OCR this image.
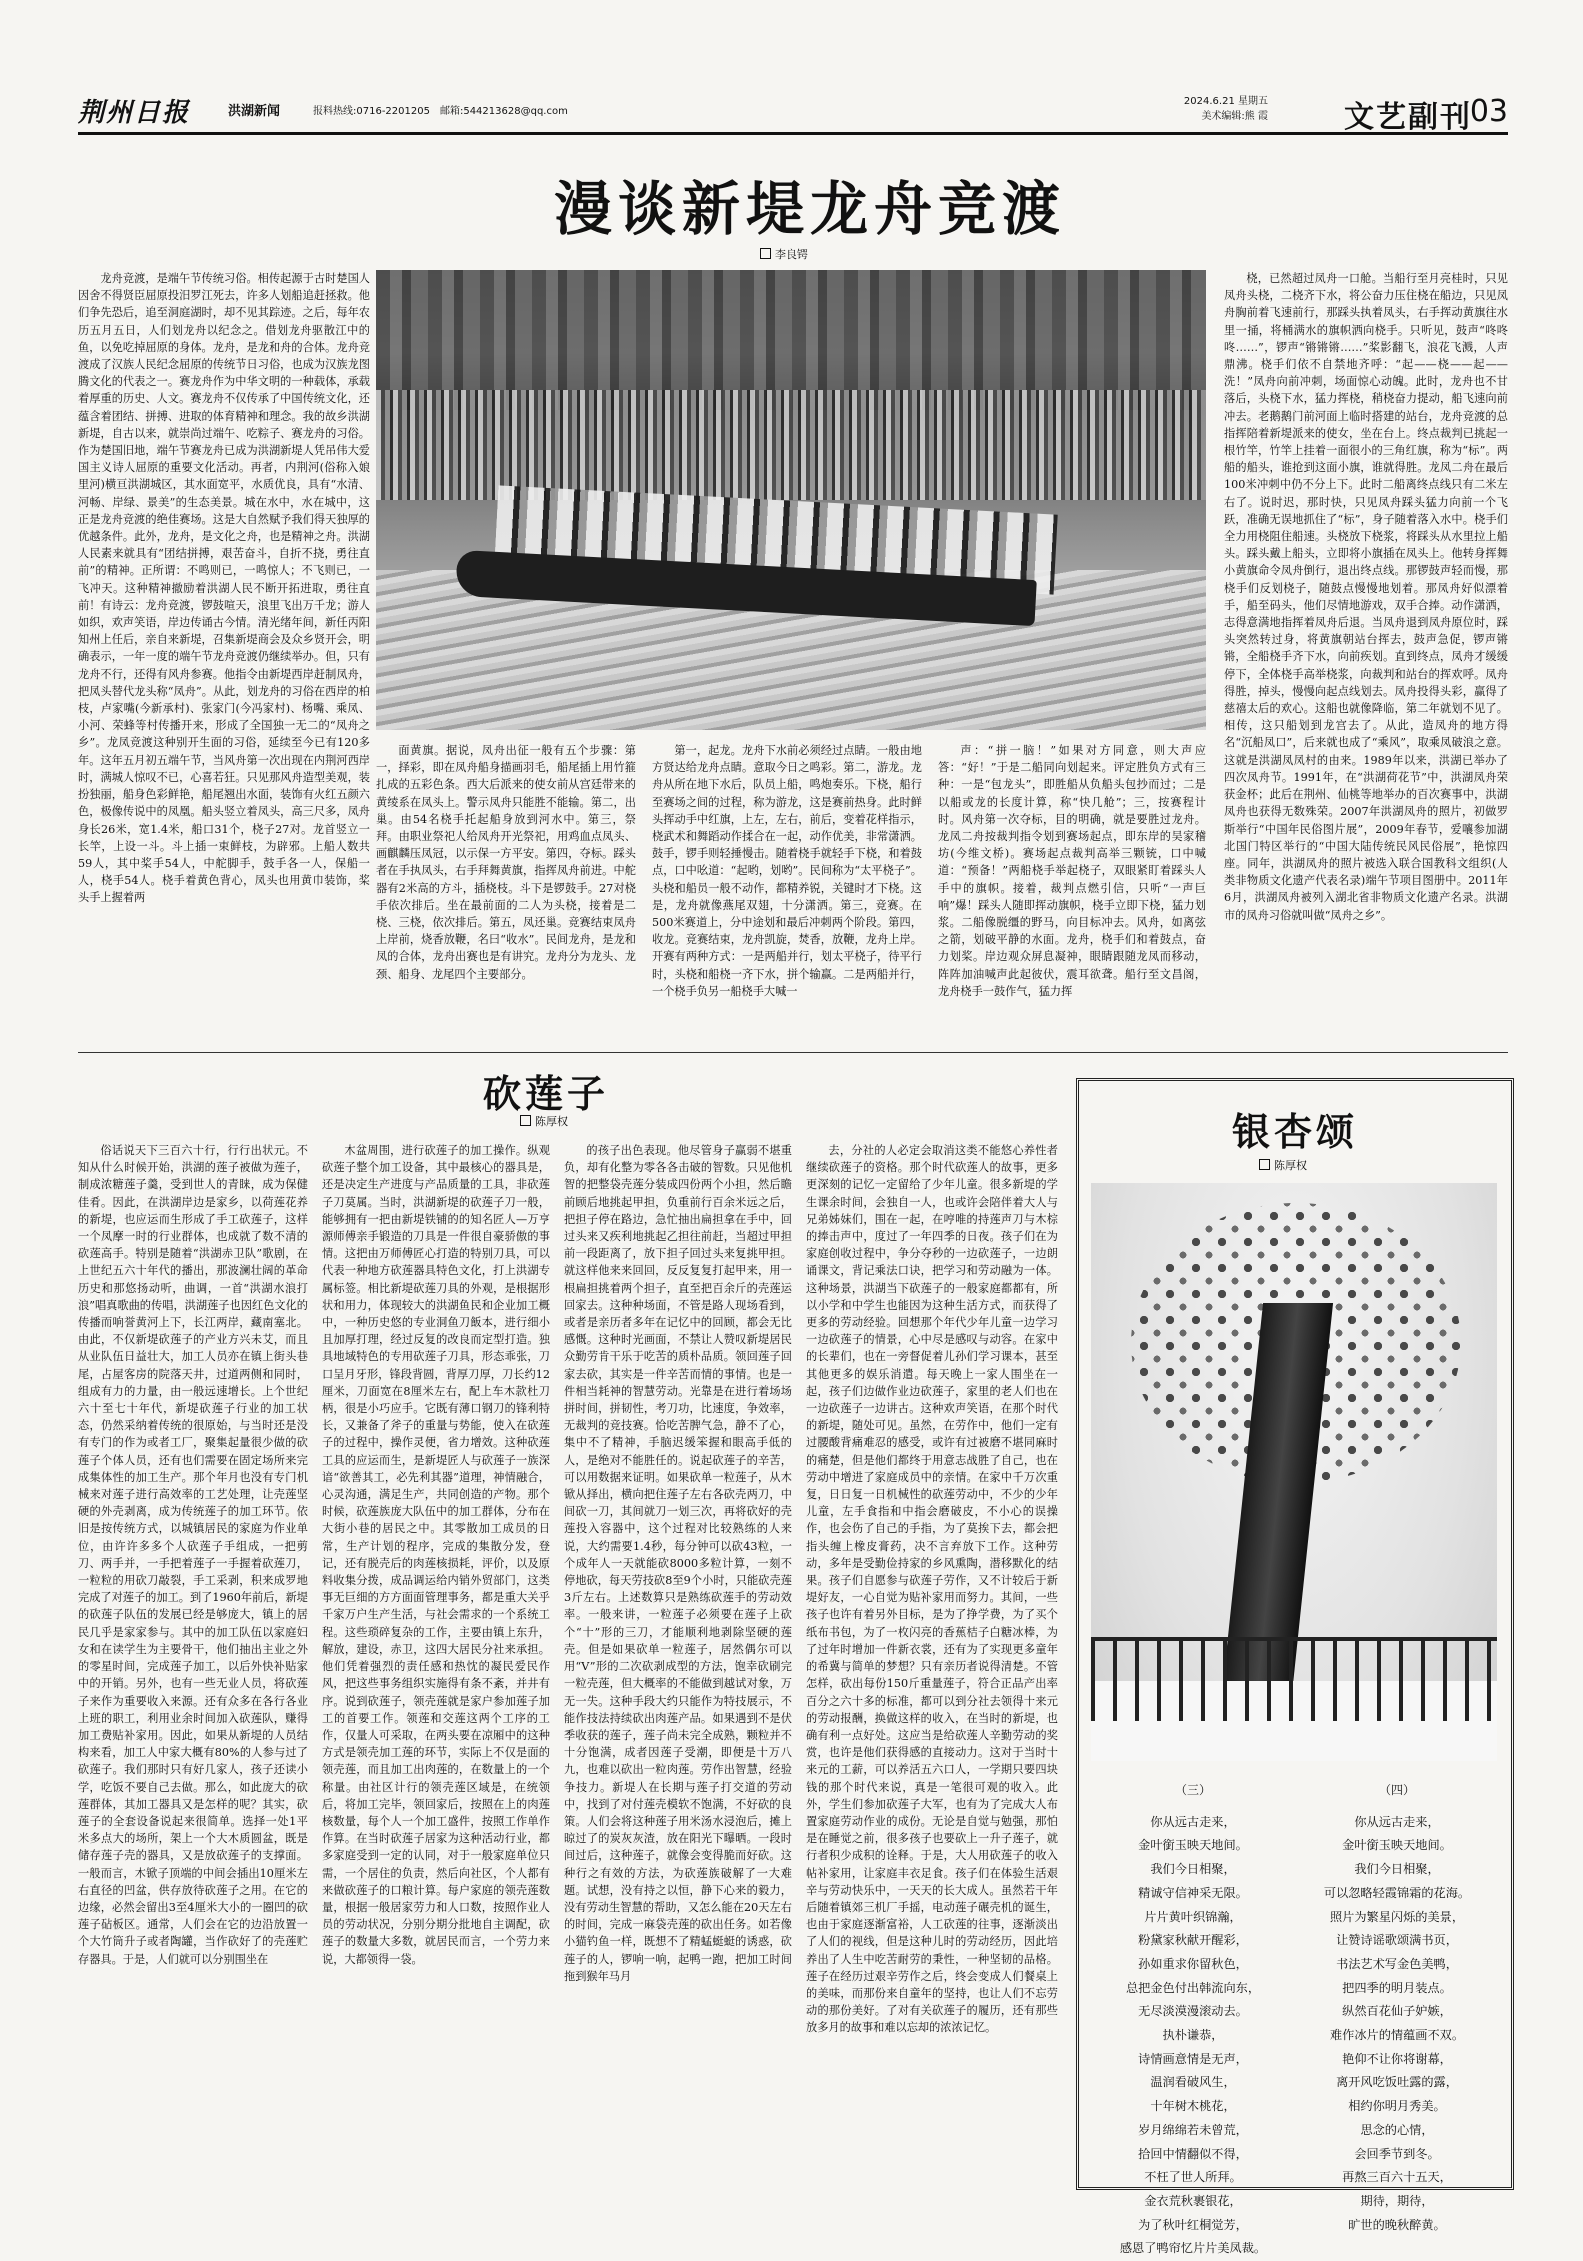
荆州日报	洪湖新闻	报料热线:0716-2201205　邮箱:544213628@qq.com
2024.6.21 星期五
美术编辑:熊 霞	文艺副刊
03
漫谈新堤龙舟竞渡
李良锷
龙舟竞渡，是端午节传统习俗。相传起源于古时楚国人因舍不得贤臣屈原投汨罗江死去，许多人划船追赶拯救。他们争先恐后，追至洞庭湖时，却不见其踪迹。之后，每年农历五月五日，人们划龙舟以纪念之。借划龙舟驱散江中的鱼，以免吃掉屈原的身体。龙舟，是龙和舟的合体。龙舟竞渡成了汉族人民纪念屈原的传统节日习俗，也成为汉族龙图腾文化的代表之一。赛龙舟作为中华文明的一种载体，承载着厚重的历史、人文。赛龙舟不仅传承了中国传统文化，还蕴含着团结、拼搏、进取的体育精神和理念。我的故乡洪湖新堤，自古以来，就崇尚过端午、吃粽子、赛龙舟的习俗。作为楚国旧地，端午节赛龙舟已成为洪湖新堤人凭吊伟大爱国主义诗人屈原的重要文化活动。再者，内荆河(俗称入娘里河)横亘洪湖城区，其水面宽平，水质优良，具有“水清、河畅、岸绿、景美”的生态美景。城在水中，水在城中，这正是龙舟竞渡的绝佳赛场。这是大自然赋予我们得天独厚的优越条件。此外，龙舟，是文化之舟，也是精神之舟。洪湖人民素来就具有“团结拼搏，艰苦奋斗，自折不挠，勇往直前”的精神。正所谓：不鸣则已，一鸣惊人；不飞则已，一飞冲天。这种精神撤励着洪湖人民不断开拓进取，勇往直前！有诗云：龙舟竞渡，锣鼓喧天，浪里飞出万千龙；游人如织，欢声笑语，岸边传诵古今情。清光绪年间，新任丙阳知州上任后，亲自来新堤，召集新堤商会及众乡贤开会，明确表示，一年一度的端午节龙舟竞渡仍继续举办。但，只有龙舟不行，还得有风舟参赛。他指令由新堤西岸赶制凤舟，把凤头替代龙头称“凤舟”。从此，划龙舟的习俗在西岸的柏枝，卢家嘴(今新承村)、张家门(今冯家村)、杨嘴、乘凤、小河、荣蜂等村传播开来，形成了全国独一无二的“凤舟之乡”。龙凤竞渡这种别开生面的习俗，延续至今已有120多年。这年五月初五端午节，当风舟第一次出现在内荆河西岸时，满城人惊叹不已，心喜若狂。只见那风舟造型美观，装扮独丽，船身色彩鲜艳，船尾翘出水面，装饰有火红五颜六色，极像传说中的凤凰。船头竖立着凤头，高三尺多，凤舟身长26米，宽1.4米，船口31个，桡子27对。龙首竖立一长竿，上设一斗。斗上插一束鲜枝，为辟邪。上船人数共59人，其中桨手54人，中舵脚手，鼓手各一人，保船一人，桡手54人。桡手着黄色背心，凤头也用黄巾装饰，桨头手上握着两
面黄旗。据说，凤舟出征一般有五个步骤：第一，择彩，即在凤舟船身描画羽毛，船尾插上用竹箍扎成的五彩色条。西大后派来的使女前从宫廷带来的黄绫系在凤头上。警示凤舟只能胜不能输。第二，出巢。由54名桡手托起船身放到河水中。第三，祭拜。由职业祭祀人给凤舟开光祭祀，用鸡血点凤头、画麒麟压凤冠，以示保一方平安。第四，夺标。踩头者在手执凤头，右手拜舞黄旗，指挥凤舟前进。中舵器有2米高的方斗，插桡枝。斗下是锣鼓手。27对桡手依次排后。坐在最前面的二人为头桡，接着是二桡、三桡，依次排后。第五，凤还巢。竞赛结束凤舟上岸前，烧香放鞭，名曰“收水”。民间龙舟，是龙和凤的合体，龙舟出赛也是有讲究。龙舟分为龙头、龙颈、船身、龙尾四个主要部分。
第一，起龙。龙舟下水前必须经过点睛。一般由地方贤达给龙舟点睛。意取今日之鸣彩。第二，游龙。龙舟从所在地下水后，队员上船，鸣炮奏乐。下桡，船行至赛场之间的过程，称为游龙，这是赛前热身。此时鲜头挥动手中红旗，上左，左右，前后，变着花样指示，桡武术和舞蹈动作揉合在一起，动作优美，非常潇洒。鼓手，锣手则轻捶慢击。随着桡手就轻手下桡，和着鼓点，口中吆道：“起哟，划哟”。民间称为“太平桡子”。头桡和船员一般不动作，都精养锐，关键时才下桡。这是，龙舟就像燕尾双翅，十分潇洒。第三，竞赛。在500米赛道上，分中途划和最后冲刺两个阶段。第四，收龙。竞赛结束，龙舟凯旋，焚香，放鞭，龙舟上岸。开赛有两种方式：一是两船并行，划太平桡子，待平行时，头桡和船桡一齐下水，拼个输赢。二是两船并行，一个桡手负另一船桡手大喊一
声：“拼一脑！”如果对方同意，则大声应答：“好！”于是二船同向划起来。评定胜负方式有三种：一是“包龙头”，即胜船从负船头包抄而过；二是以船或龙的长度计算，称“快几舱”；三，按赛程计时。风舟第一次夺标，目的明确，就是要胜过龙舟。龙凤二舟按裁判指令划到赛场起点，即东岸的吴家稽坊(今维文桥)。赛场起点裁判高举三颗铳，口中喊道：“预备！”两船桡手举起桡子，双眼紧盯着踩头人手中的旗帜。接着，裁判点燃引信，只听“一声巨响”爆！踩头人随即挥动旗帜，桡手立即下桡，猛力划浆。二船像脱缰的野马，向目标冲去。风舟，如离弦之箭，划破平静的水面。龙舟，桡手们和着鼓点，奋力划桨。岸边观众屏息凝神，眼睛跟随龙凤而移动，阵阵加油喊声此起彼伏，震耳欲聋。船行至文昌阁，龙舟桡手一鼓作气，猛力挥
桡，已然超过凤舟一口舱。当船行至月亮桂时，只见凤舟头桡，二桡齐下水，将公奋力压住桡在船边，只见凤舟胸前着飞速前行，那踩头执着凤头，右手挥动黄旗往水里一捅，将桶满水的旗帜洒向桡手。只听见，鼓声“咚咚咚……”，锣声“锵锵锵……”桨影翻飞，浪花飞溅，人声鼎沸。桡手们依不自禁地齐呼：“起——桡——起——洗！”凤舟向前冲刺，场面惊心动魄。此时，龙舟也不甘落后，头桡下水，猛力挥桡，稍桡奋力提动，船飞速向前冲去。老鹅鹅门前河面上临时搭建的站台，龙舟竞渡的总指挥陪着新堤派来的使女，坐在台上。终点裁判已挑起一根竹竿，竹竿上挂着一面很小的三角红旗，称为“标”。两船的船头，谁抢到这面小旗，谁就得胜。龙凤二舟在最后100米冲刺中仍不分上下。此时二船离终点线只有二米左右了。说时迟，那时快，只见凤舟踩头猛力向前一个飞跃，准确无误地抓住了“标”，身子随着落入水中。桡手们全力用桡阻住船速。头桡放下桡浆，将踩头从水里拉上船头。踩头戴上船头，立即将小旗插在凤头上。他转身挥舞小黄旗命令凤舟倒行，退出终点线。那锣鼓声轻而慢，那桡手们反划桡子，随鼓点慢慢地划着。那凤舟好似漂着手，船至码头，他们尽情地游戏，双手合捧。动作潇洒，志得意满地指挥着凤舟后退。当凤舟退到凤舟原位时，踩头突然转过身，将黄旗朝站台挥去，鼓声急促，锣声锵锵，全船桡手齐下水，向前疾划。直到终点，凤舟才缓缓停下，全体桡手高举桡浆，向裁判和站台的挥欢呼。凤舟得胜，掉头，慢慢向起点线划去。凤舟投得头彩，赢得了慈禧太后的欢心。这船也就像降临，第二年就划不见了。相传，这只船划到龙宫去了。从此，造凤舟的地方得名“沉船凤口”，后来就也成了“乘风”，取乘凤破浪之意。这就是洪湖凤凤村的由来。1989年以来，洪湖已举办了四次凤舟节。1991年，在“洪湖荷花节”中，洪湖凤舟荣获金杯；此后在荆州、仙桃等地举办的百次赛事中，洪湖凤舟也获得无数殊荣。2007年洪湖凤舟的照片，初做罗斯举行“中国年民俗图片展”，2009年春节，爱嚷参加湖北国门特区举行的“中国大陆传统民风民俗展”，艳惊四座。同年，洪湖凤舟的照片被选入联合国教科文组织(人类非物质文化遗产代表名录)端午节项目图册中。2011年6月，洪湖凤舟被列入湖北省非物质文化遗产名录。洪湖市的凤舟习俗就叫做“凤舟之乡”。
砍莲子
陈厚权
俗话说天下三百六十行，行行出状元。不知从什么时候开始，洪湖的莲子被做为莲子，制成浓糖莲子羹，受到世人的青睐，成为保健佳肴。因此，在洪湖岸边是家乡，以荷莲花养的新堤，也应运而生形成了手工砍莲子，这样一个凤摩一时的行业群体，也成就了数不清的砍莲高手。特别是随着“洪湖赤卫队”歌剧，在上世纪五六十年代的播出，那波澜壮阔的革命历史和那悠扬动听，曲调，一首“洪湖水浪打浪”唱真歌曲的传唱，洪湖莲子也因红色文化的传播而响誉黄河上下，长江两岸，藏南塞北。由此，不仅新堤砍莲子的产业方兴未艾，而且从业队伍日益壮大，加工人员亦在镇上街头巷尾，占屋客房的院落天井，过道两侧和同时，组成有力的力量，由一般远速增长。上个世纪六十至七十年代，新堤砍莲子行业的加工状态，仍然采纳着传统的很原始，与当时还是没有专门的作为或者工厂，聚集起量很少做的砍莲子个体人员，还有也们需要在固定场所来完成集体性的加工生产。那个年月也没有专门机械来对莲子进行高效率的工艺处理，让壳莲坚硬的外壳剥离，成为传统莲子的加工环节。依旧是按传统方式，以城镇居民的家庭为作业单位，由许许多多个人砍莲子手组成，一把剪刀、两手并，一手把着莲子一手握着砍莲刀，一粒粒的用砍刀敲裂，手工采剥，积来成罗地完成了对莲子的加工。到了1960年前后，新堤的砍莲子队伍的发展已经是够庞大，镇上的居民几乎是家家参与。其中的加工队伍以家庭妇女和在读学生为主要骨干，他们抽出主业之外的零星时间，完成莲子加工，以后外快补贴家中的开销。另外，也有一些无业人员，将砍莲子来作为重要收入来源。还有众多在各行各业上班的职工，利用业余时间加入砍莲队，赚得加工费贴补家用。因此，如果从新堤的人员结构来看，加工人中家大概有80%的人参与过了砍莲子。我们那时只有好几家人，孩子还读小学，吃饭不要自己去做。那么，如此庞大的砍莲群体，其加工器具又是怎样的呢？其实，砍莲子的全套设备说起来很简单。选择一处1平米多点大的场所，架上一个大木质圆盆，既是储存莲子壳的器具，又是放砍莲子的支撑面。一般而言，木锨子顶端的中间会插出10厘米左右直径的凹盆，供存放待砍莲子之用。在它的边缘，必然会留出3至4厘米大小的一圈凹的砍莲子砧板区。通常，人们会在它的边沿放置一个大竹筒升子或者陶罐，当作砍好了的壳莲贮存器具。于是，人们就可以分别围坐在
木盆周围，进行砍莲子的加工操作。纵观砍莲子整个加工设备，其中最核心的器具是，还是决定生产进度与产品质量的工具，非砍莲子刀莫属。当时，洪湖新堤的砍莲子刀一般，能够拥有一把由新堤铁铺的的知名匠人—万亨源师傅亲手锻造的刀具是一件很自豪骄傲的事情。这把由万师傅匠心打造的特别刀具，可以代表一种地方砍莲器具特色文化，打上洪湖专属标签。相比新堤砍莲刀具的外观，是根据形状和用力，体现较大的洪湖鱼民和企业加工概中，一种历史悠的专业洞鱼刀飯本，进行细小且加厚打理，经过反复的改良而定型打造。独具地域特色的专用砍莲子刀具，形态乖张，刀口呈月牙形，锋段背圆，背厚刀厚，刀长约12厘米，刀面宽在8厘米左右，配上车木款杜刀柄，很是小巧应手。它既有薄口钢刀的锋利特长，又兼备了斧子的重量与势能，使入在砍莲子的过程中，操作灵便，省力增效。这种砍莲工具的应运而生，是新堤匠人与砍莲子一族深谙“欲善其工，必先利其器”道理，神情融合，心灵沟通，满足生产，共同创造的产物。那个时候，砍莲族庞大队伍中的加工群体，分布在大街小巷的居民之中。其零散加工成员的日常，生产计划的程序，完成的集散分发，登记，还有脱壳后的肉莲核损耗，评价，以及原料收集分拨，成品调运给内销外贸部门，这类事无巨细的方方面面管理事务，都是重大关乎千家万户生产生活，与社会需求的一个系统工程。这些琐碎复杂的工作，主要由镇上东升，解放，建设，赤卫，这四大居民分社来承担。他们凭着强烈的责任感和热忱的凝民爱民作风，把这些事务组织实施得有条不紊，并井有序。说到砍莲子，领壳莲就是家户参加莲子加工的首要工作。领莲和交莲这两个工序的工作，仅量人可采取，在两头要在凉厢中的这种方式是领壳加工莲的环节，实际上不仅是面的领壳莲，而且加工出肉莲的，在数量上的一个称量。由社区计行的领壳莲区域是，在统领后，将加工完毕，领回家后，按照在上的肉莲核数量，每个人一个加工盛件，按照工作单作作算。在当时砍莲子居家为这种活动行业，都多家庭受到一定的认同，对于一般家庭单位只需，一个居住的负责，然后向社区，个人都有来做砍莲子的口粮计算。每户家庭的领壳莲数量，根据一般居家劳力和人口数，按照作业人员的劳动状况，分别分期分批地自主调配，砍莲子的数量大多数，就居民而言，一个劳力来说，大都领得一袋。
的孩子出色表现。他尽管身子赢弱不堪重负，却有化整为零各各击破的智数。只见他机智的把整袋壳莲分装成四份两个小担，然后瞻前顾后地挑起甲担，负重前行百余米远之后，把担子停在路边，急忙抽出扁担拿在手中，回过头来又疾利地挑起乙担往前赶，当超过甲担前一段距离了，放下担子回过头来复挑甲担。就这样他来来回回，反反复复打起甲来，用一根扁担挑着两个担子，直至把百余斤的壳莲运回家去。这种种场面，不管是路人现场看到，或者是亲历者多年在记忆中的回顾，都会无比感慨。这种时光画面，不禁让人赞叹新堤居民众勤劳肯干乐于吃苦的质朴品质。领回莲子回家去砍，其实是一件辛苦而情的事情。也是一件相当耗神的智慧劳动。光靠是在进行着场场拼时间，拼韧性，考刀功，比速度，争效率，无裁判的竞技赛。恰吃苦脾气急，静不了心，集中不了精神，手脑迟缓笨握和眼高手低的人，是绝对不能胜任的。说起砍莲子的辛苦，可以用数据来证明。如果砍单一粒莲子，从木锨从择出，横向把住莲子左右各砍壳两刀，中间砍一刀，其间就刀一划三次，再将砍好的壳莲投入容器中，这个过程对比较熟练的人来说，大约需要1.4秒，每分钟可以砍43粒，一个成年人一天就能砍8000多粒计算，一刻不停地砍，每天劳技砍8至9个小时，只能砍壳莲3斤左右。上述数算只是熟练砍莲手的劳动效率。一般来讲，一粒莲子必须要在莲子上砍个“十”形的三刀，才能顺利地剥除坚硬的莲壳。但是如果砍单一粒莲子，居然偶尔可以用“V”形的二次砍剥成型的方法，饱幸砍刷完一粒壳莲，但大概率的不能做到越试对象，万无一失。这种手段大约只能作为特技展示，不能作技法持续砍出肉莲产品。如果遇到不是伏季收获的莲子，莲子尚未完全成熟，颗粒并不十分饱满，成者因莲子受潮，即便是十万八九，也难以砍出一粒肉莲。劳作出智慧，经验争技力。新堤人在长期与莲子打交道的劳动中，找到了对付莲壳模软不饱满，不好砍的良策。人们会将这种莲子用米汤水浸泡后，摊上晾过了的炭灰灰渣，放在阳光下曝晒。一段时间过后，这种莲子，就像会变得脆而好砍。这种行之有效的方法，为砍莲族破解了一大难题。试想，没有持之以恒，静下心来的毅力，没有劳动生智慧的帮助，又怎么能在20天左右的时间，完成一麻袋壳莲的砍出任务。如若像小猫钓鱼一样，既想不了精蜢蜓蜓的诱惑，砍莲子的人，锣响一响，起鸭一跑，把加工时间拖到猴年马月
去，分社的人必定会取消这类不能悠心养性者继续砍莲子的资格。那个时代砍莲人的故事，更多更深刻的记忆一定留给了少年儿童。很多新堤的学生课余时间，会独自一人，也或许会陪伴着大人与兄弟姊妹们，围在一起，在哼唯的持莲声刀与木棕的捧击声中，度过了一年四季的日夜。孩子们在为家庭创收过程中，争分夺秒的一边砍莲子，一边朗诵课文，背记乘法口诀，把学习和劳动融为一体。这种场景，洪湖当下砍莲子的一般家庭都都有，所以小学和中学生也能因为这种生活方式，而获得了更多的劳动经验。回想那个年代少年儿童一边学习一边砍莲子的情景，心中尽是感叹与动容。在家中的长辈们，也在一旁督促着儿孙们学习课本，甚至其他更多的娱乐消遣。每天晚上一家人围坐在一起，孩子们边做作业边砍莲子，家里的老人们也在一边砍莲子一边讲古。这种欢声笑语，在那个时代的新堤，随处可见。虽然，在劳作中，他们一定有过腰酸背痛难忍的感受，或许有过被磨不堪同麻时的痛楚，但是他们都终于用意志战胜了自己，也在劳动中增进了家庭成员中的亲情。在家中千万次重复，日日复一日机械性的砍莲劳动中，不少的少年儿童，左手食指和中指会磨破皮，不小心的误操作，也会伤了自己的手指，为了莫挨下去，都会把指头缠上橡皮膏药，决不言弃放下工作。这种劳动，多年是受勤俭持家的乡风熏陶，潜移默化的结果。孩子们自愿参与砍莲子劳作，又不计较后于新堤好友，一心自觉为贴补家用而努力。其间，一些孩子也许有着另外目标，是为了挣学费，为了买个纸布书包，为了一枚闪亮的香蕉桔子白糖冰棒，为了过年时增加一件新衣裳，还有为了实现更多童年的希冀与简单的梦想？只有亲历者说得清楚。不管怎样，砍出每份150斤重量莲子，符合正品产出率百分之六十多的标准，都可以到分社去领得十来元的劳动报酬，换做这样的收入，在当时的新堤，也确有利一点好处。这应当是给砍莲人辛勤劳动的奖赏，也许是他们获得感的直接动力。这对于当时十来元的工薪，可以养活五六口人，一学期只要四块钱的那个时代来说，真是一笔很可观的收入。此外，学生们参加砍莲子大军，也有为了完成大人布置家庭劳动作业的成份。无论是自觉与勉强，那怕是在睡觉之前，很多孩子也要砍上一升子莲子，就行者积少成积的诠释。于是，大人用砍莲子的收入帖补家用，让家庭丰衣足食。孩子们在体验生活艰辛与劳动快乐中，一天天的长大成人。虽然若干年后随着镇郊三机厂手摇，电动莲子碾壳机的诞生，也由于家庭逐渐富裕，人工砍莲的往事，逐渐淡出了人们的视线，但是这种儿时的劳动经历，因此培养出了人生中吃苦耐劳的秉性，一种坚韧的品格。莲子在经历过艰辛劳作之后，终会变成人们餐桌上的美味，而那份来自童年的坚持，也让人们不忘劳动的那份美好。了对有关砍莲子的履历，还有那些放多月的故事和难以忘却的浓浓记忆。
银杏颂
陈厚权
（三）
你从远古走来，
金叶銜玉映天地间。
我们今日相聚，
精诚守信神采无限。
片片黄叶织锦瀚，
粉黛家秋献开醒彩，
孙如重求你留秋色，
总把金色付出韩流向东，
无尽淡漠漫滚动去。
执朴谦恭，
诗情画意情是无声，
温润看破风生，
十年树木桃花，
岁月绵绵若未曾荒，
拾回中情翻似不得，
不枉了世人所拜。
金衣荒秋裹银花，
为了秋叶红桐觉芳，
感恩了鸭帘忆片片美凤裁。
（四）
你从远古走来，
金叶銜玉映天地间。
我们今日相聚，
可以忽略轻霞锦霜的花海。
照片为繁星闪烁的美景，
让赞诗谣歌颂满书页，
书法艺术写金色美鸭，
把四季的明月装点。
纵然百花仙子妒嫉，
难作冰片的情蕴画不双。
艳仰不让你将谢幕，
离开风吃饭吐露的露，
相约你明月秀美。
思念的心情，
会回季节到冬。
再熬三百六十五天，
期待，期待，
旷世的晚秋醉黄。
